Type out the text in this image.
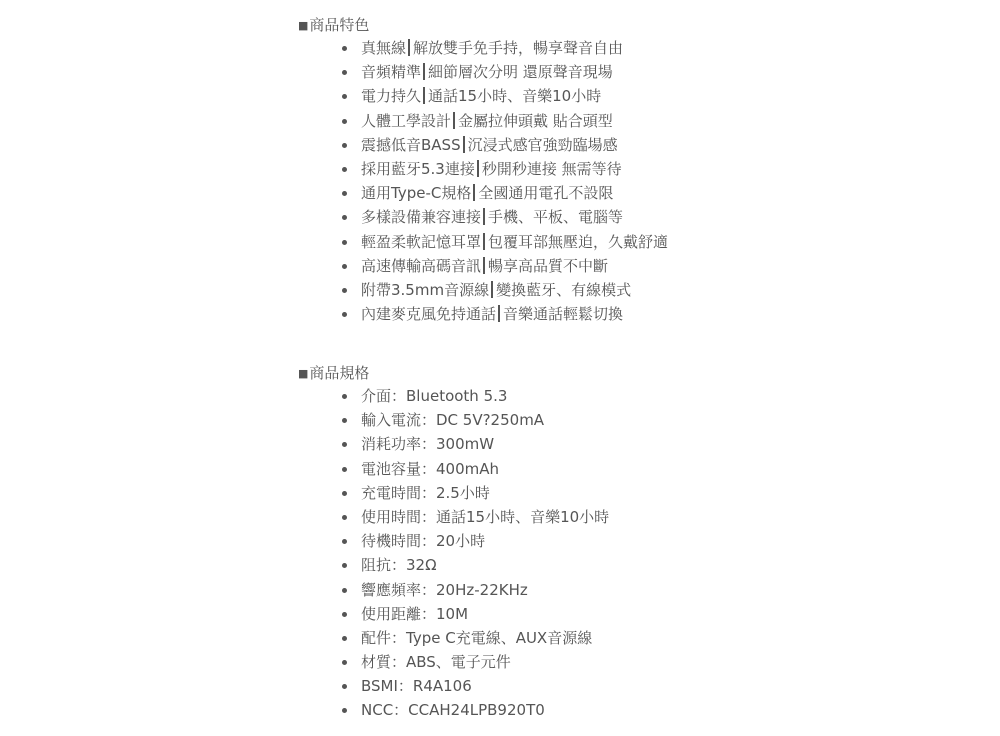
■商品特色
真無線 解放雙手免手持，暢享聲音自由
音頻精準 細節層次分明 還原聲音現場
電力持久 通話15小時、音樂10小時
人體工學設計 金屬拉伸頭戴 貼合頭型
震撼低音BASS 沉浸式感官強勁臨場感
採用藍牙5.3連接 秒開秒連接 無需等待
通用Type-C規格 全國通用電孔不設限
多樣設備兼容連接 手機、平板、電腦等
輕盈柔軟記憶耳罩 包覆耳部無壓迫，久戴舒適
高速傳輸高碼音訊 暢享高品質不中斷
附帶3.5mm音源線 變換藍牙、有線模式
內建麥克風免持通話 音樂通話輕鬆切換
■商品規格
介面：Bluetooth 5.3
輸入電流：DC 5V?250mA
消耗功率：300mW
電池容量：400mAh
充電時間：2.5小時
使用時間：通話15小時、音樂10小時
待機時間：20小時
阻抗：32Ω
響應頻率：20Hz-22KHz
使用距離：10M
配件：Type C充電線、AUX音源線
材質：ABS、電子元件
BSMI：R4A106
NCC：CCAH24LPB920T0
